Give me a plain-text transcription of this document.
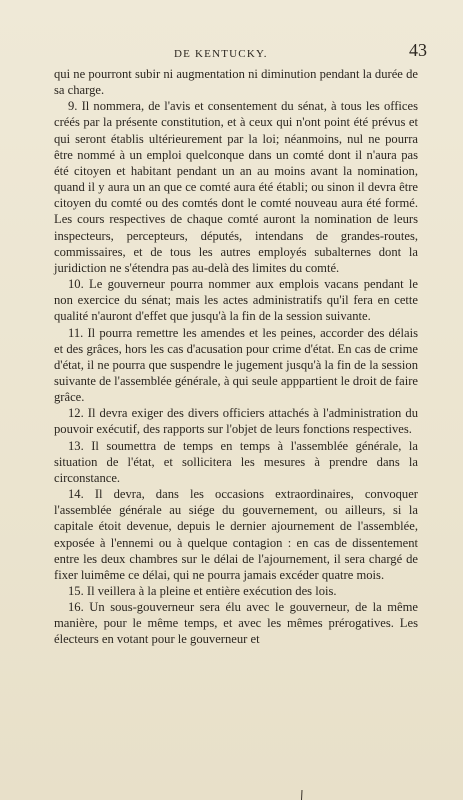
DE KENTUCKY.	43

qui ne pourront subir ni augmentation ni diminution pendant la durée de sa charge.

9. Il nommera, de l'avis et consentement du sénat, à tous les offices créés par la présente constitution, et à ceux qui n'ont point été prévus et qui seront établis ultérieurement par la loi; néanmoins, nul ne pourra être nommé à un emploi quelconque dans un comté dont il n'aura pas été citoyen et habitant pendant un an au moins avant la nomination, quand il y aura un an que ce comté aura été établi; ou sinon il devra être citoyen du comté ou des comtés dont le comté nouveau aura été formé. Les cours respectives de chaque comté auront la nomination de leurs inspecteurs, percepteurs, députés, intendans de grandes-routes, commissaires, et de tous les autres employés subalternes dont la juridiction ne s'étendra pas au-delà des limites du comté.

10. Le gouverneur pourra nommer aux emplois vacans pendant le non exercice du sénat; mais les actes administratifs qu'il fera en cette qualité n'auront d'effet que jusqu'à la fin de la session suivante.

11. Il pourra remettre les amendes et les peines, accorder des délais et des grâces, hors les cas d'acusation pour crime d'état. En cas de crime d'état, il ne pourra que suspendre le jugement jusqu'à la fin de la session suivante de l'assemblée générale, à qui seule apppartient le droit de faire grâce.

12. Il devra exiger des divers officiers attachés à l'administration du pouvoir exécutif, des rapports sur l'objet de leurs fonctions respectives.

13. Il soumettra de temps en temps à l'assemblée générale, la situation de l'état, et sollicitera les mesures à prendre dans la circonstance.

14. Il devra, dans les occasions extraordinaires, convoquer l'assemblée générale au siége du gouvernement, ou ailleurs, si la capitale étoit devenue, depuis le dernier ajournement de l'assemblée, exposée à l'ennemi ou à quelque contagion : en cas de dissentement entre les deux chambres sur le délai de l'ajournement, il sera chargé de fixer luimême ce délai, qui ne pourra jamais excéder quatre mois.

15. Il veillera à la pleine et entière exécution des lois.

16. Un sous-gouverneur sera élu avec le gouverneur, de la même manière, pour le même temps, et avec les mêmes prérogatives. Les électeurs en votant pour le gouverneur et
